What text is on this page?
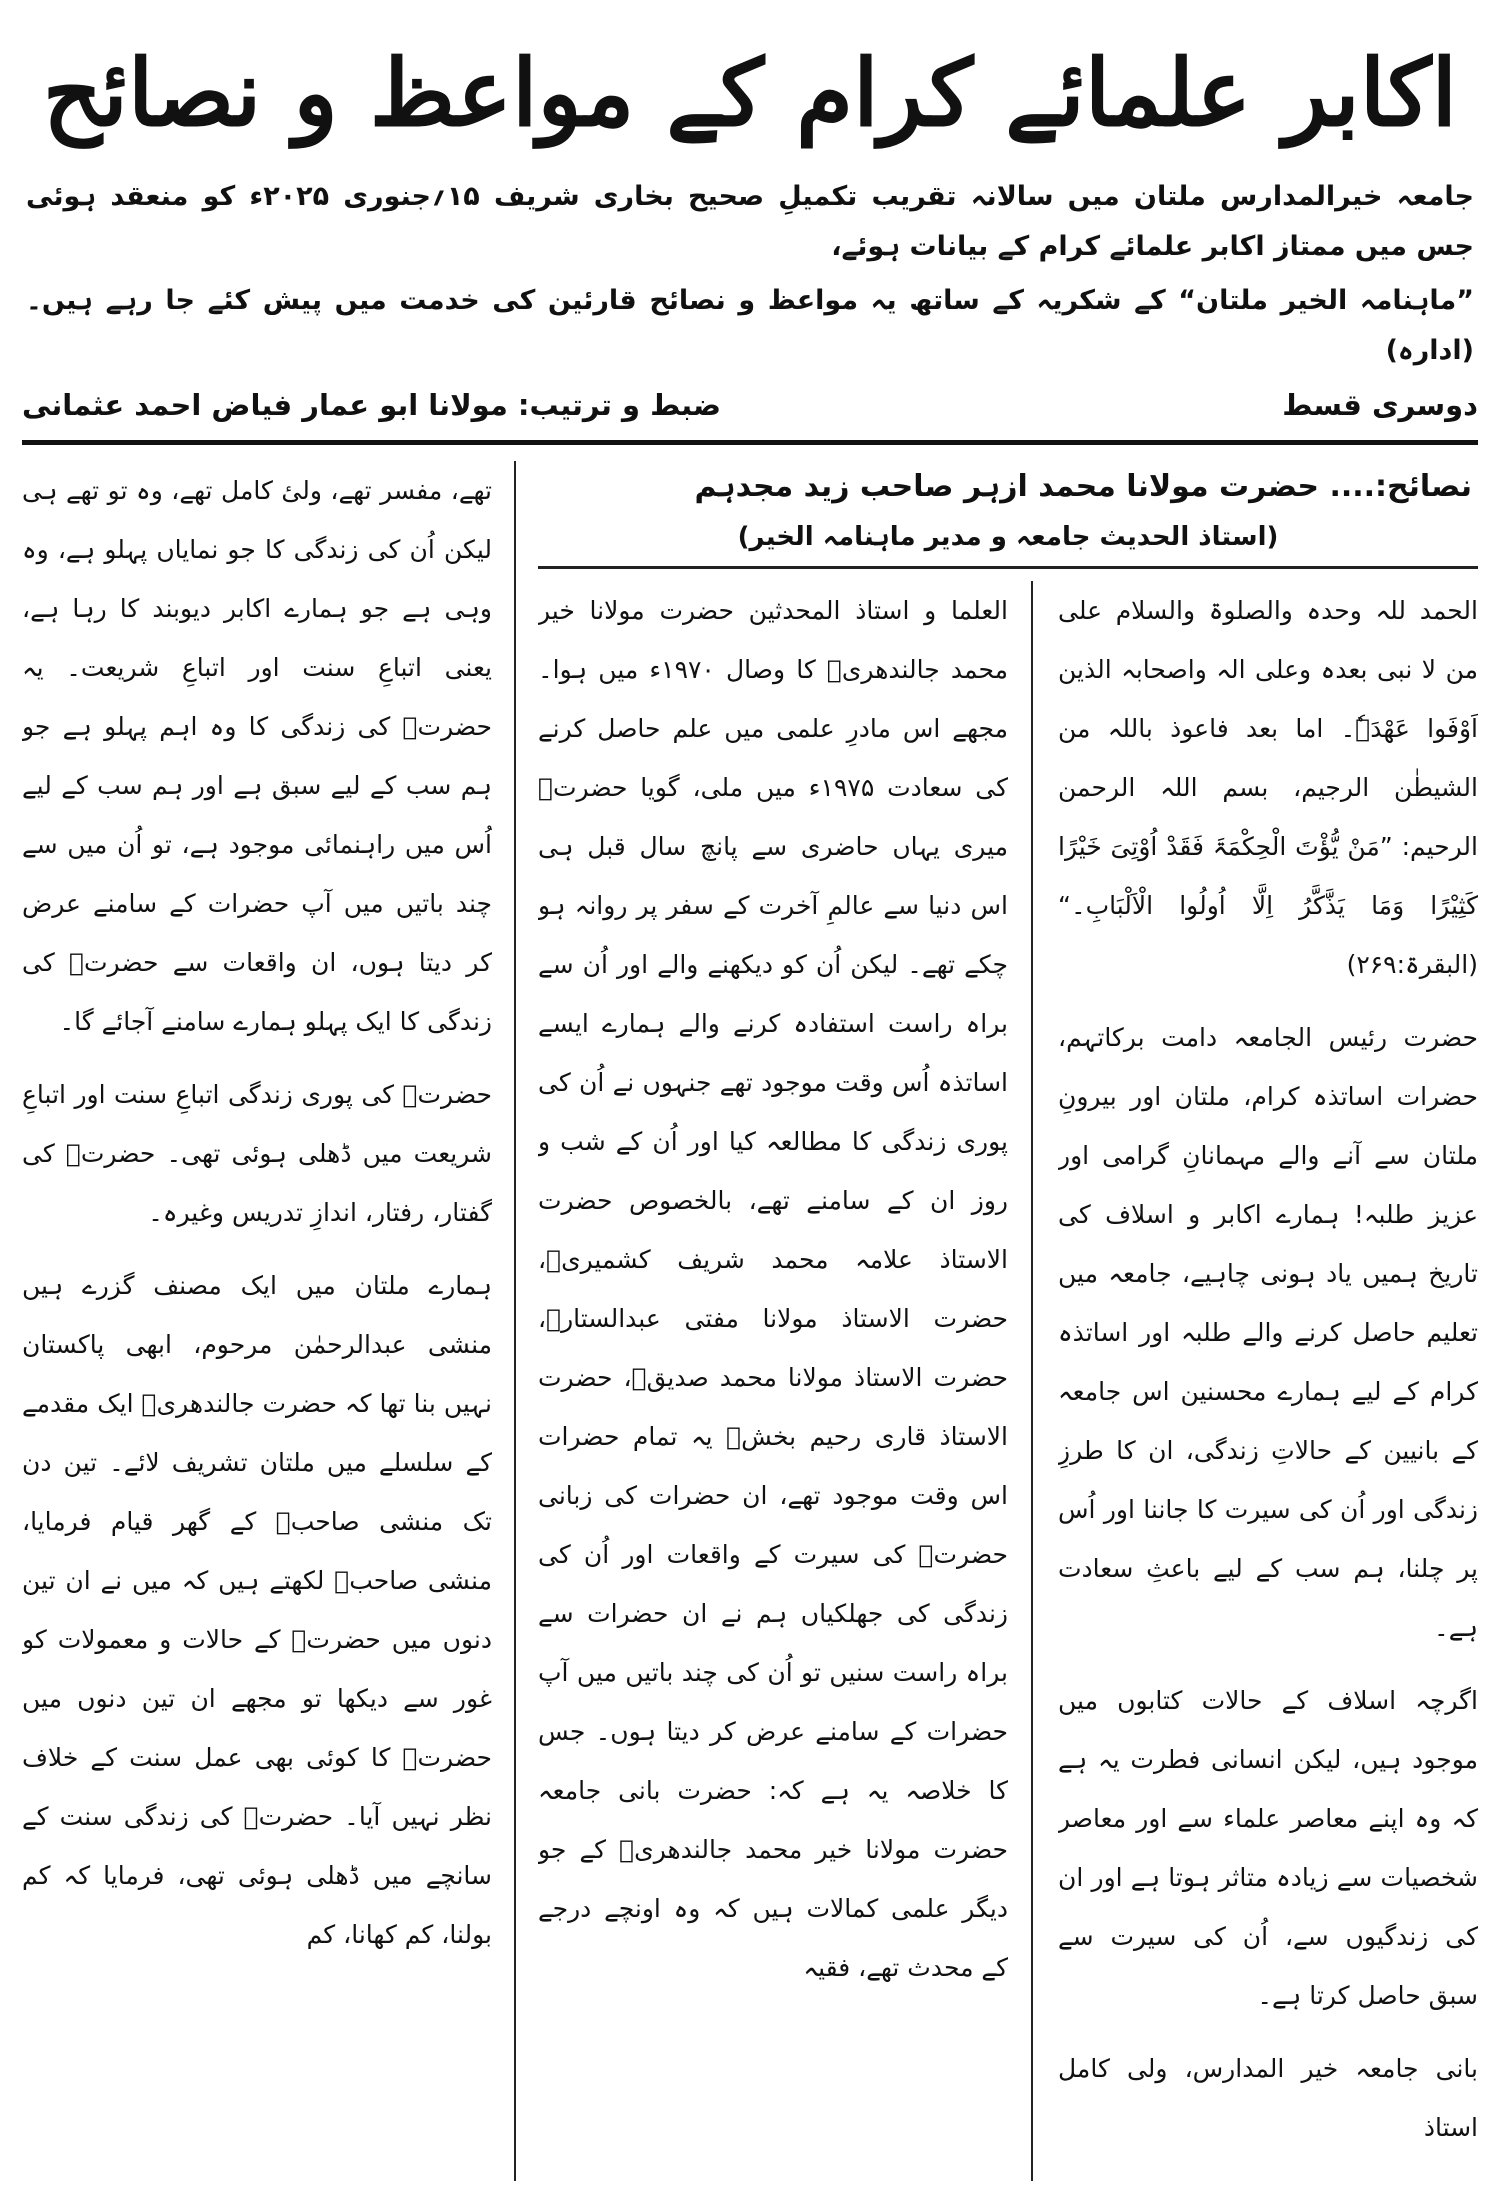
اکابر علمائے کرام کے مواعظ و نصائح

جامعہ خیرالمدارس ملتان میں سالانہ تقریب تکمیلِ صحیح بخاری شریف ۱۵؍جنوری ۲۰۲۵ء کو منعقد ہوئی جس میں ممتاز اکابر علمائے کرام کے بیانات ہوئے،

”ماہنامہ الخیر ملتان“ کے شکریہ کے ساتھ یہ مواعظ و نصائح قارئین کی خدمت میں پیش کئے جا رہے ہیں۔ (ادارہ)

دوسری قسط
ضبط و ترتیب: مولانا ابو عمار فیاض احمد عثمانی
نصائح:.... حضرت مولانا محمد ازہر صاحب زید مجدہم
(استاذ الحدیث جامعہ و مدیر ماہنامہ الخیر)

الحمد للہ وحدہ والصلوۃ والسلام علی من لا نبی بعدہ وعلی الہ واصحابہ الذین اَوْفَوا عَھْدَہٗ۔ اما بعد فاعوذ باللہ من الشیطٰن الرجیم، بسم اللہ الرحمن الرحیم: ”مَنْ یُّؤْتَ الْحِکْمَۃَ فَقَدْ اُوْتِیَ خَیْرًا کَثِیْرًا وَمَا یَذَّکَّرُ اِلَّا اُولُوا الْاَلْبَابِ۔“ (البقرۃ:۲۶۹)

حضرت رئیس الجامعہ دامت برکاتہم، حضرات اساتذہ کرام، ملتان اور بیرونِ ملتان سے آنے والے مہمانانِ گرامی اور عزیز طلبہ! ہمارے اکابر و اسلاف کی تاریخ ہمیں یاد ہونی چاہیے، جامعہ میں تعلیم حاصل کرنے والے طلبہ اور اساتذہ کرام کے لیے ہمارے محسنین اس جامعہ کے بانیین کے حالاتِ زندگی، ان کا طرزِ زندگی اور اُن کی سیرت کا جاننا اور اُس پر چلنا، ہم سب کے لیے باعثِ سعادت ہے۔

اگرچہ اسلاف کے حالات کتابوں میں موجود ہیں، لیکن انسانی فطرت یہ ہے کہ وہ اپنے معاصر علماء سے اور معاصر شخصیات سے زیادہ متاثر ہوتا ہے اور ان کی زندگیوں سے، اُن کی سیرت سے سبق حاصل کرتا ہے۔

بانی جامعہ خیر المدارس، ولی کامل استاذ

العلما و استاذ المحدثین حضرت مولانا خیر محمد جالندھریؒ کا وصال ۱۹۷۰ء میں ہوا۔ مجھے اس مادرِ علمی میں علم حاصل کرنے کی سعادت ۱۹۷۵ء میں ملی، گویا حضرتؒ میری یہاں حاضری سے پانچ سال قبل ہی اس دنیا سے عالمِ آخرت کے سفر پر روانہ ہو چکے تھے۔ لیکن اُن کو دیکھنے والے اور اُن سے براہ راست استفادہ کرنے والے ہمارے ایسے اساتذہ اُس وقت موجود تھے جنہوں نے اُن کی پوری زندگی کا مطالعہ کیا اور اُن کے شب و روز ان کے سامنے تھے، بالخصوص حضرت الاستاذ علامہ محمد شریف کشمیریؒ، حضرت الاستاذ مولانا مفتی عبدالستارؒ، حضرت الاستاذ مولانا محمد صدیقؒ، حضرت الاستاذ قاری رحیم بخشؒ یہ تمام حضرات اس وقت موجود تھے، ان حضرات کی زبانی حضرتؒ کی سیرت کے واقعات اور اُن کی زندگی کی جھلکیاں ہم نے ان حضرات سے براہ راست سنیں تو اُن کی چند باتیں میں آپ حضرات کے سامنے عرض کر دیتا ہوں۔ جس کا خلاصہ یہ ہے کہ: حضرت بانی جامعہ حضرت مولانا خیر محمد جالندھریؒ کے جو دیگر علمی کمالات ہیں کہ وہ اونچے درجے کے محدث تھے، فقیہ

تھے، مفسر تھے، ولیٔ کامل تھے، وہ تو تھے ہی لیکن اُن کی زندگی کا جو نمایاں پہلو ہے، وہ وہی ہے جو ہمارے اکابر دیوبند کا رہا ہے، یعنی اتباعِ سنت اور اتباعِ شریعت۔ یہ حضرتؒ کی زندگی کا وہ اہم پہلو ہے جو ہم سب کے لیے سبق ہے اور ہم سب کے لیے اُس میں راہنمائی موجود ہے، تو اُن میں سے چند باتیں میں آپ حضرات کے سامنے عرض کر دیتا ہوں، ان واقعات سے حضرتؒ کی زندگی کا ایک پہلو ہمارے سامنے آجائے گا۔

حضرتؒ کی پوری زندگی اتباعِ سنت اور اتباعِ شریعت میں ڈھلی ہوئی تھی۔ حضرتؒ کی گفتار، رفتار، اندازِ تدریس وغیرہ۔

ہمارے ملتان میں ایک مصنف گزرے ہیں منشی عبدالرحمٰن مرحوم، ابھی پاکستان نہیں بنا تھا کہ حضرت جالندھریؒ ایک مقدمے کے سلسلے میں ملتان تشریف لائے۔ تین دن تک منشی صاحبؒ کے گھر قیام فرمایا، منشی صاحبؒ لکھتے ہیں کہ میں نے ان تین دنوں میں حضرتؒ کے حالات و معمولات کو غور سے دیکھا تو مجھے ان تین دنوں میں حضرتؒ کا کوئی بھی عمل سنت کے خلاف نظر نہیں آیا۔ حضرتؒ کی زندگی سنت کے سانچے میں ڈھلی ہوئی تھی، فرمایا کہ کم بولنا، کم کھانا، کم
